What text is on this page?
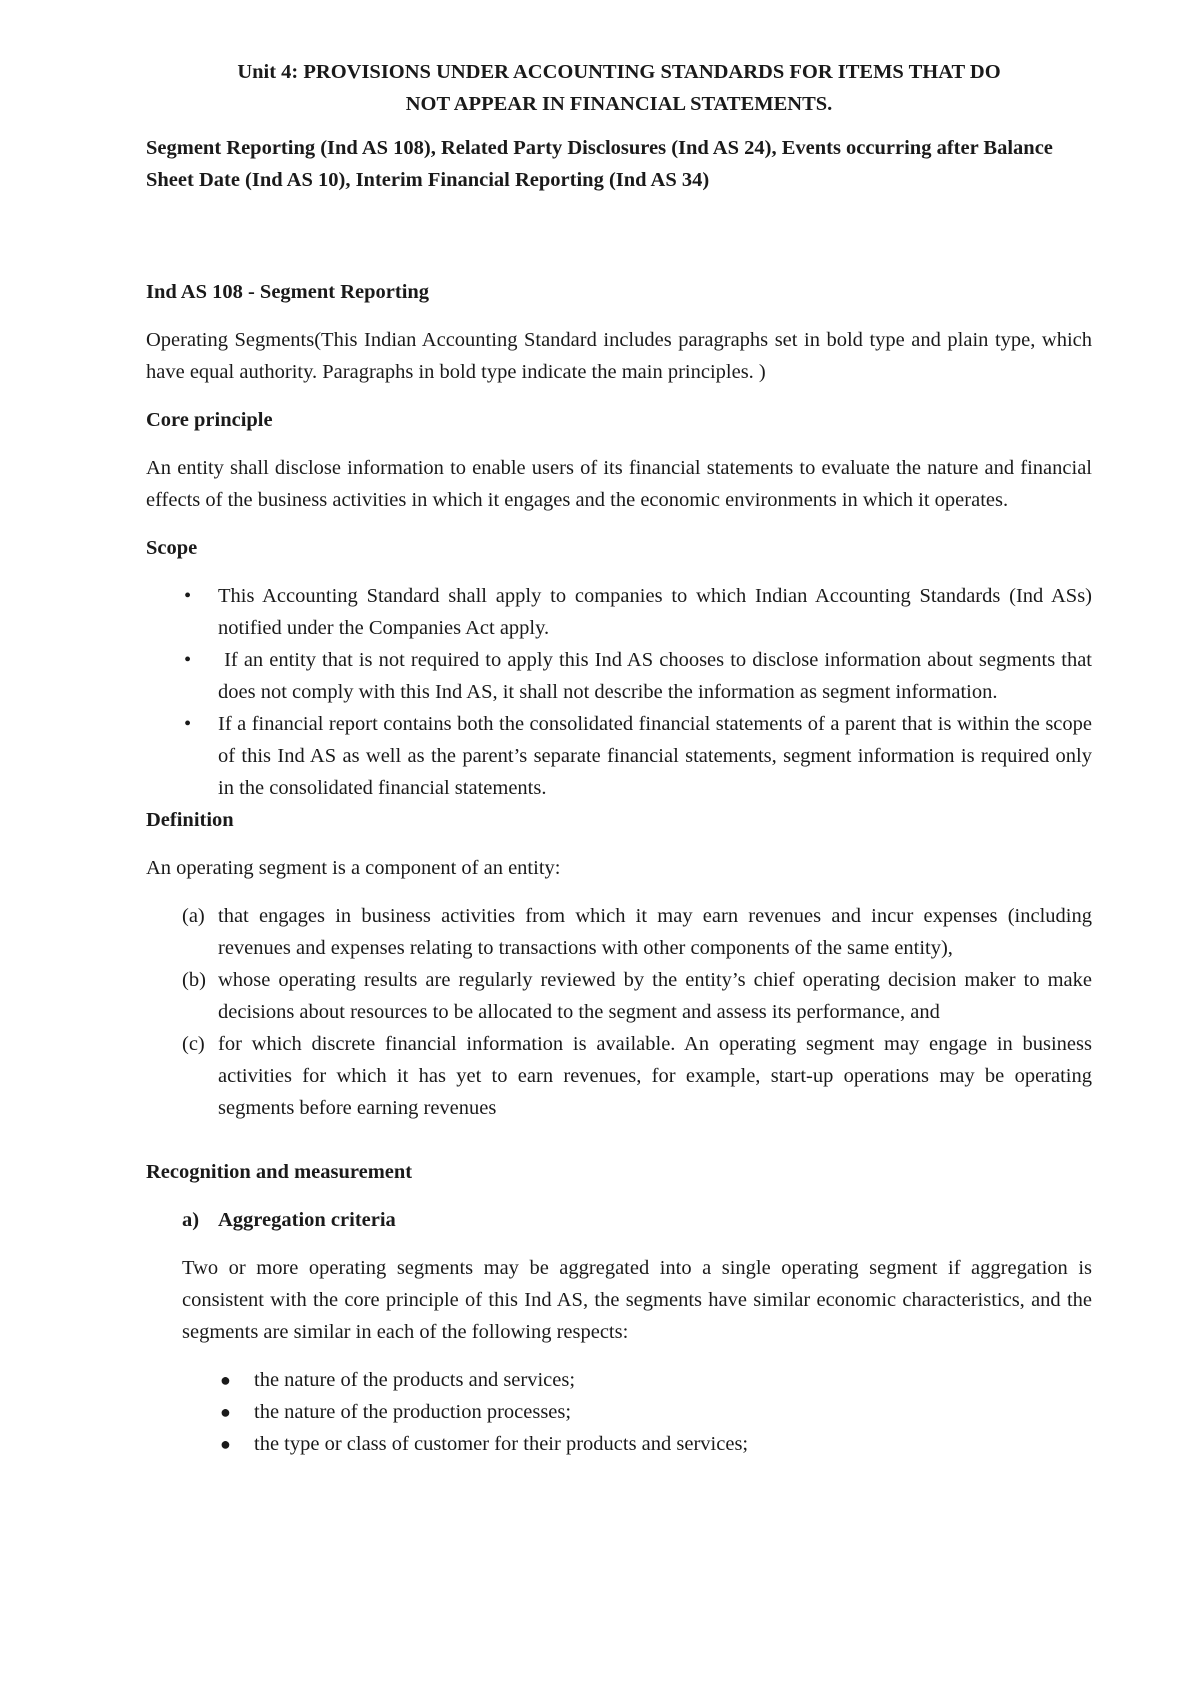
Unit 4: PROVISIONS UNDER ACCOUNTING STANDARDS FOR ITEMS THAT DO

NOT APPEAR IN FINANCIAL STATEMENTS.

Segment Reporting (Ind AS 108), Related Party Disclosures (Ind AS 24), Events occurring after Balance Sheet Date (Ind AS 10), Interim Financial Reporting (Ind AS 34)

Ind AS 108 - Segment Reporting

Operating Segments(This Indian Accounting Standard includes paragraphs set in bold type and plain type, which have equal authority. Paragraphs in bold type indicate the main principles. )

Core principle

An entity shall disclose information to enable users of its financial statements to evaluate the nature and financial effects of the business activities in which it engages and the economic environments in which it operates.

Scope

• This Accounting Standard shall apply to companies to which Indian Accounting Standards (Ind ASs) notified under the Companies Act apply.
• If an entity that is not required to apply this Ind AS chooses to disclose information about segments that does not comply with this Ind AS, it shall not describe the information as segment information.
• If a financial report contains both the consolidated financial statements of a parent that is within the scope of this Ind AS as well as the parent’s separate financial statements, segment information is required only in the consolidated financial statements.

Definition

An operating segment is a component of an entity:

(a) that engages in business activities from which it may earn revenues and incur expenses (including revenues and expenses relating to transactions with other components of the same entity),
(b) whose operating results are regularly reviewed by the entity’s chief operating decision maker to make decisions about resources to be allocated to the segment and assess its performance, and
(c) for which discrete financial information is available. An operating segment may engage in business activities for which it has yet to earn revenues, for example, start-up operations may be operating segments before earning revenues

Recognition and measurement

a) Aggregation criteria

Two or more operating segments may be aggregated into a single operating segment if aggregation is consistent with the core principle of this Ind AS, the segments have similar economic characteristics, and the segments are similar in each of the following respects:

● the nature of the products and services;
● the nature of the production processes;
● the type or class of customer for their products and services;
